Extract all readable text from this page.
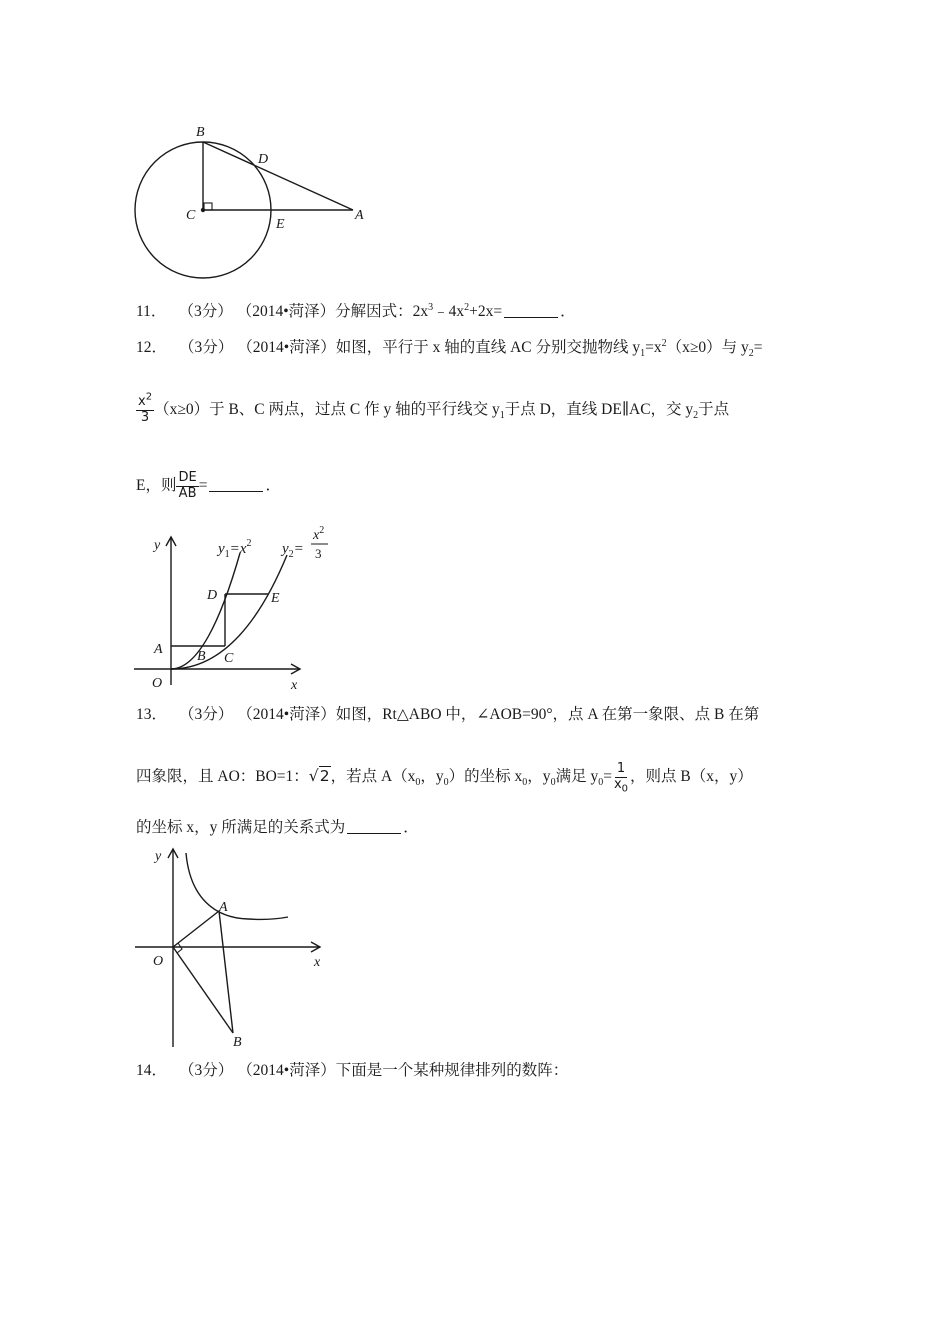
B
D
C
E
A
11． （3分） （2014•菏泽）分解因式：$2x^3﹣4x^2+2x=$	．
12． （3分） （2014•菏泽）如图，平行于 x 轴的直线 AC 分别交抛物线 $y_1=x^2(x\ge 0)$与 $y_2=$
$\frac{x^2}{3} (x\ge 0)$于 B、C 两点，过点 C 作 y 轴的平行线交 $y_1$于点 D，直线 DE∥AC，交 $y_2$于点
E，则 $\frac{DE}{AB}$ =	．
y
x
O
A B C
D	E
$y_1=x^2$ $y_2=$
$x^2$
3
13． （3分） （2014•菏泽）如图，Rt△ABO 中，∠AOB=90°，点 A 在第一象限、点 B 在第
四象限，且 AO：BO=1：√2，若点 $A(x_0$，$y_0$）的坐标 $x_0$，$y_0$满足 $y_0= \frac{1}{x_0}$ ，则点 B（x，y）
的坐标 x，y 所满足的关系式为	．
y
x
O
A
B
14． （3分） （2014•菏泽）下面是一个某种规律排列的数阵：
